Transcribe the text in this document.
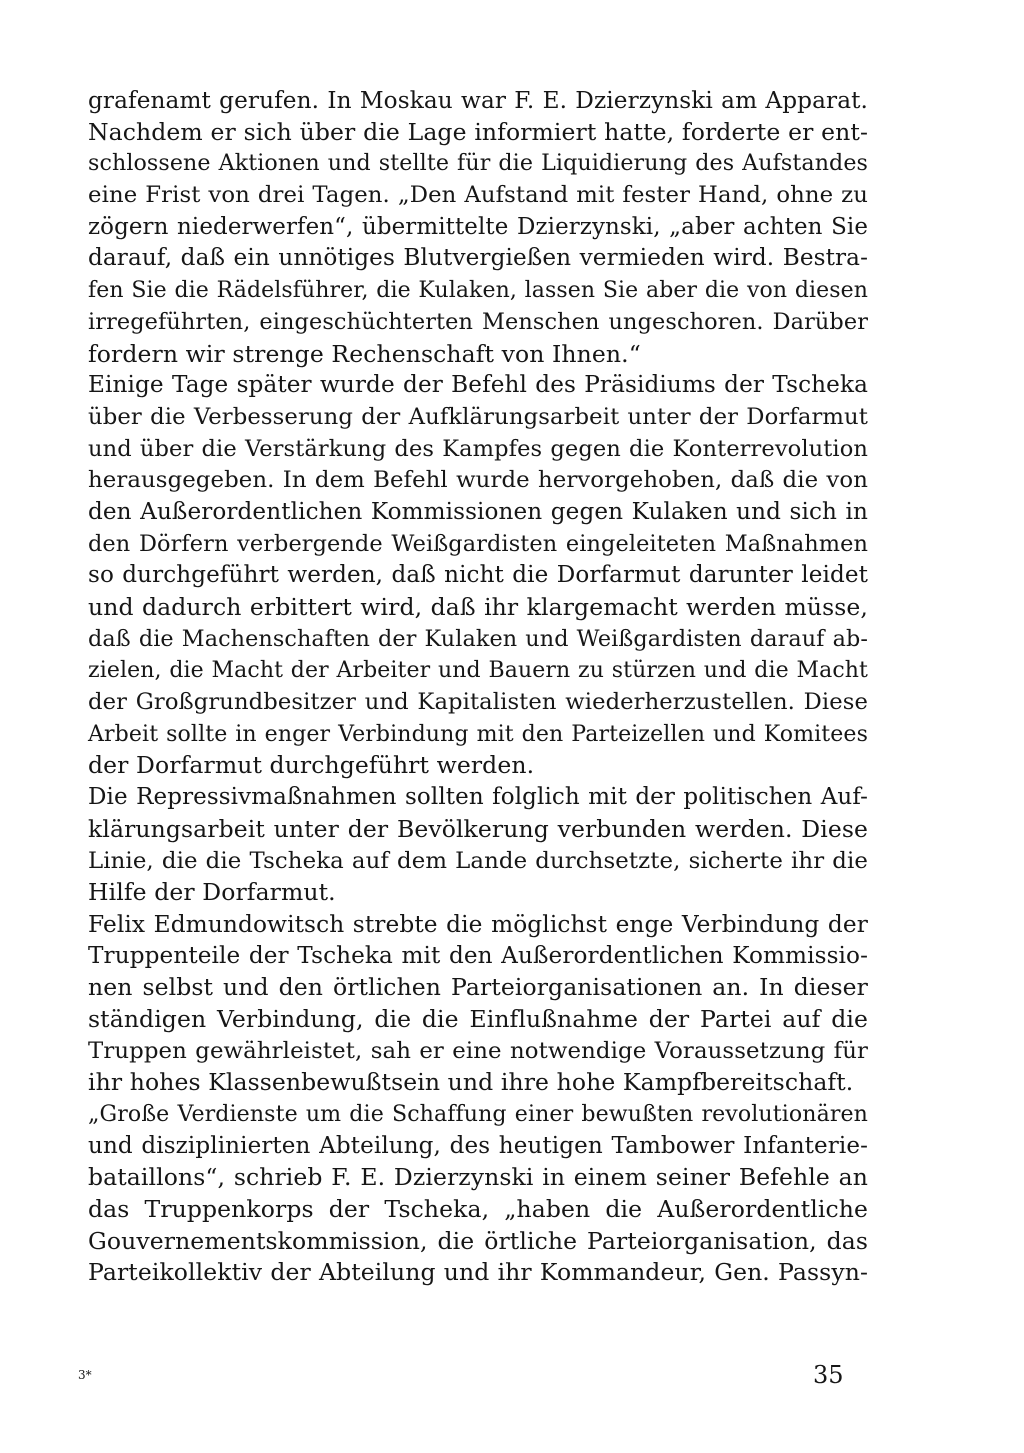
grafenamt gerufen. In Moskau war F. E. Dzierzynski am Apparat.
Nachdem er sich über die Lage informiert hatte, forderte er ent-
schlossene Aktionen und stellte für die Liquidierung des Aufstandes
eine Frist von drei Tagen. „Den Aufstand mit fester Hand, ohne zu
zögern niederwerfen“, übermittelte Dzierzynski, „aber achten Sie
darauf, daß ein unnötiges Blutvergießen vermieden wird. Bestra-
fen Sie die Rädelsführer, die Kulaken, lassen Sie aber die von diesen
irregeführten, eingeschüchterten Menschen ungeschoren. Darüber
fordern wir strenge Rechenschaft von Ihnen.“
Einige Tage später wurde der Befehl des Präsidiums der Tscheka
über die Verbesserung der Aufklärungsarbeit unter der Dorfarmut
und über die Verstärkung des Kampfes gegen die Konterrevolution
herausgegeben. In dem Befehl wurde hervorgehoben, daß die von
den Außerordentlichen Kommissionen gegen Kulaken und sich in
den Dörfern verbergende Weißgardisten eingeleiteten Maßnahmen
so durchgeführt werden, daß nicht die Dorfarmut darunter leidet
und dadurch erbittert wird, daß ihr klargemacht werden müsse,
daß die Machenschaften der Kulaken und Weißgardisten darauf ab-
zielen, die Macht der Arbeiter und Bauern zu stürzen und die Macht
der Großgrundbesitzer und Kapitalisten wiederherzustellen. Diese
Arbeit sollte in enger Verbindung mit den Parteizellen und Komitees
der Dorfarmut durchgeführt werden.
Die Repressivmaßnahmen sollten folglich mit der politischen Auf-
klärungsarbeit unter der Bevölkerung verbunden werden. Diese
Linie, die die Tscheka auf dem Lande durchsetzte, sicherte ihr die
Hilfe der Dorfarmut.
Felix Edmundowitsch strebte die möglichst enge Verbindung der
Truppenteile der Tscheka mit den Außerordentlichen Kommissio-
nen selbst und den örtlichen Parteiorganisationen an. In dieser
ständigen Verbindung, die die Einflußnahme der Partei auf die
Truppen gewährleistet, sah er eine notwendige Voraussetzung für
ihr hohes Klassenbewußtsein und ihre hohe Kampfbereitschaft.
„Große Verdienste um die Schaffung einer bewußten revolutionären
und disziplinierten Abteilung, des heutigen Tambower Infanterie-
bataillons“, schrieb F. E. Dzierzynski in einem seiner Befehle an
das Truppenkorps der Tscheka, „haben die Außerordentliche
Gouvernementskommission, die örtliche Parteiorganisation, das
Parteikollektiv der Abteilung und ihr Kommandeur, Gen. Passyn-
3*	35
